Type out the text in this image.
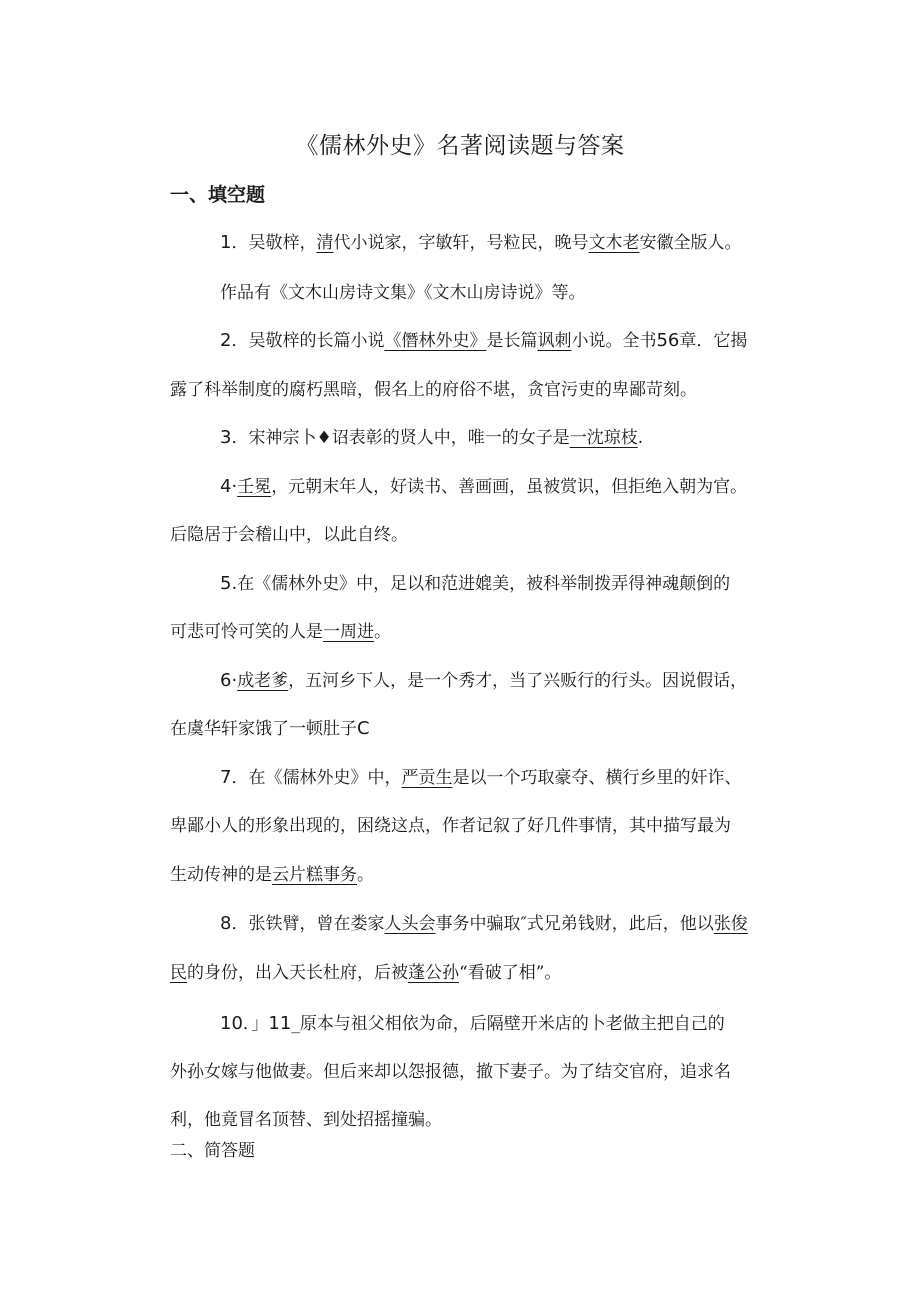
《儒林外史》名著阅读题与答案
一、填空题
1．吴敬梓，清代小说家，字敏轩，号粒民，晚号文木老安徽全版人。
作品有《文木山房诗文集》《文木山房诗说》等。
2．吴敬梓的长篇小说《僭林外史》是长篇讽刺小说。全书56章．它揭
露了科举制度的腐朽黑暗，假名上的府俗不堪，贪官污吏的卑鄙苛刻。
3．宋神宗卜♦诏表彰的贤人中，唯一的女子是一沈琼枝.
4·壬冕，元朝末年人，好读书、善画画，虽被赏识，但拒绝入朝为官。
后隐居于会稽山中，以此自终。
5.在《儒林外史》中，足以和范进媲美，被科举制拨弄得神魂颠倒的
可悲可怜可笑的人是一周进。
6·成老爹，五河乡下人，是一个秀才，当了兴贩行的行头。因说假话，
在虞华轩家饿了一顿肚子C
7．在《儒林外史》中，严贡生是以一个巧取豪夺、横行乡里的奸诈、
卑鄙小人的形象出现的，困绕这点，作者记叙了好几件事情，其中描写最为
生动传神的是云片糕事务。
8．张铁臂，曾在娄家人头会事务中骗取″式兄弟钱财，此后，他以张俊
民的身份，出入天长杜府，后被蓬公孙“看破了相”。
10．」11_原本与祖父相依为命，后隔壁开米店的卜老做主把自己的
外孙女嫁与他做妻。但后来却以怨报德，撤下妻子。为了结交官府，追求名
利，他竟冒名顶替、到处招摇撞骗。
二、简答题
